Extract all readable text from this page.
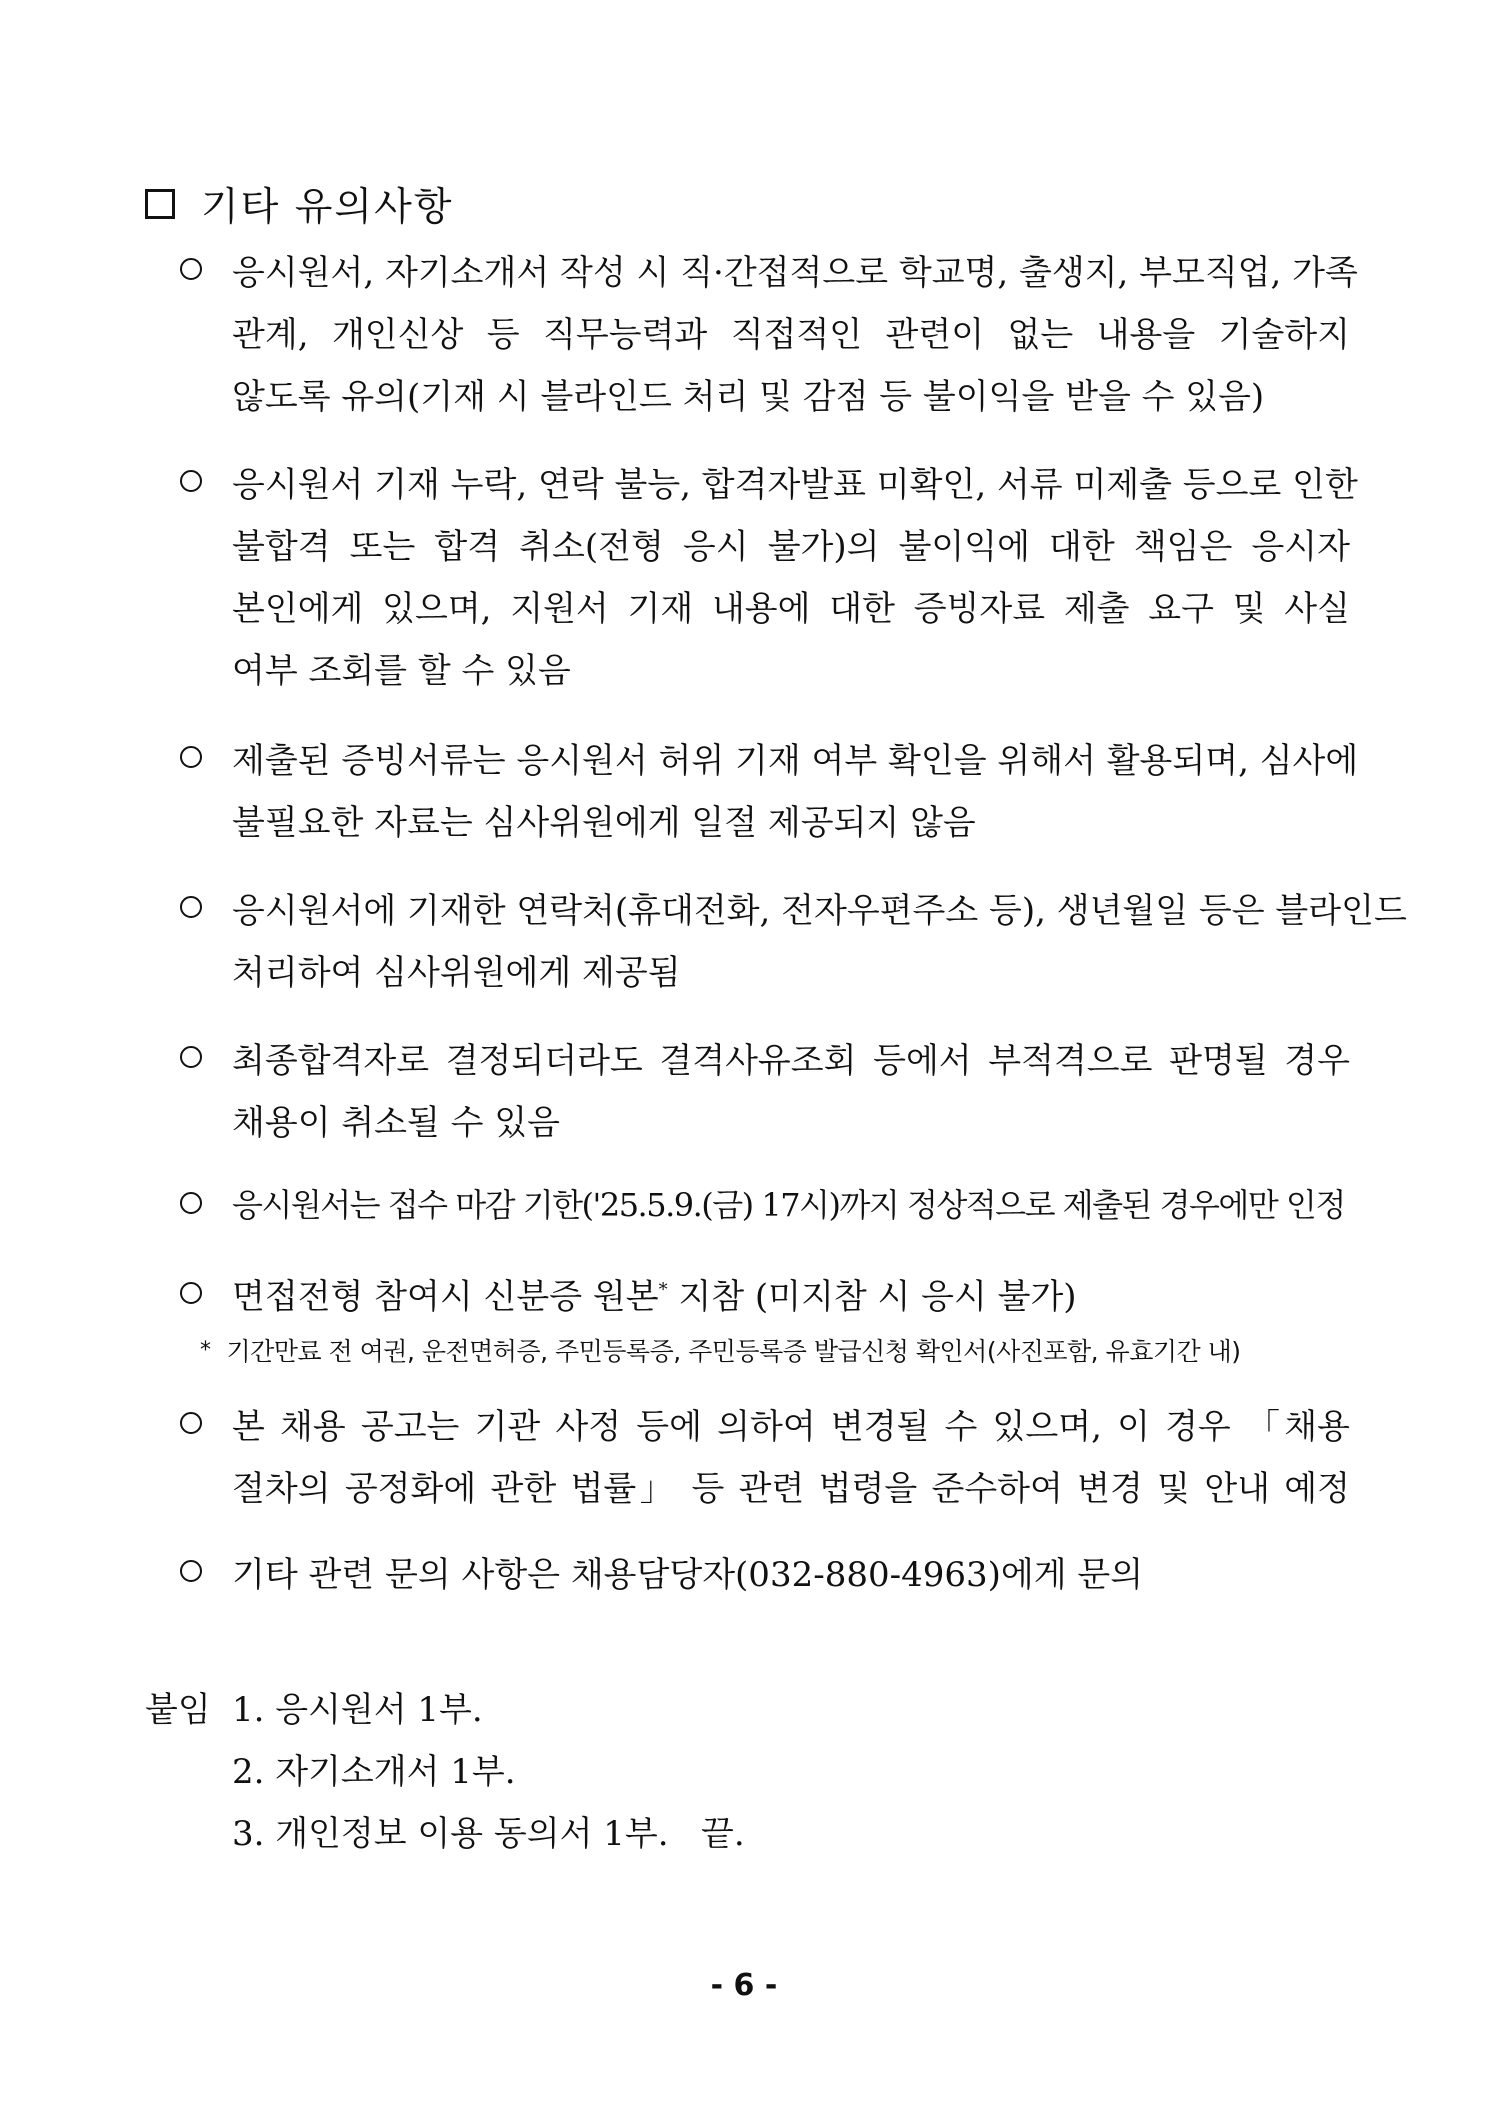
기타 유의사항
응시원서, 자기소개서 작성 시 직·간접적으로 학교명, 출생지, 부모직업, 가족
관계, 개인신상 등 직무능력과 직접적인 관련이 없는 내용을 기술하지
않도록 유의(기재 시 블라인드 처리 및 감점 등 불이익을 받을 수 있음)
응시원서 기재 누락, 연락 불능, 합격자발표 미확인, 서류 미제출 등으로 인한
불합격 또는 합격 취소(전형 응시 불가)의 불이익에 대한 책임은 응시자
본인에게 있으며, 지원서 기재 내용에 대한 증빙자료 제출 요구 및 사실
여부 조회를 할 수 있음
제출된 증빙서류는 응시원서 허위 기재 여부 확인을 위해서 활용되며, 심사에
불필요한 자료는 심사위원에게 일절 제공되지 않음
응시원서에 기재한 연락처(휴대전화, 전자우편주소 등), 생년월일 등은 블라인드
처리하여 심사위원에게 제공됨
최종합격자로 결정되더라도 결격사유조회 등에서 부적격으로 판명될 경우
채용이 취소될 수 있음
응시원서는 접수 마감 기한('25.5.9.(금) 17시)까지 정상적으로 제출된 경우에만 인정
면접전형 참여시 신분증 원본* 지참 (미지참 시 응시 불가)
* 기간만료 전 여권, 운전면허증, 주민등록증, 주민등록증 발급신청 확인서(사진포함, 유효기간 내)
본 채용 공고는 기관 사정 등에 의하여 변경될 수 있으며, 이 경우 「채용
절차의 공정화에 관한 법률」 등 관련 법령을 준수하여 변경 및 안내 예정
기타 관련 문의 사항은 채용담당자(032-880-4963)에게 문의
붙임 1. 응시원서 1부.
2. 자기소개서 1부.
3. 개인정보 이용 동의서 1부.   끝.
- 6 -
